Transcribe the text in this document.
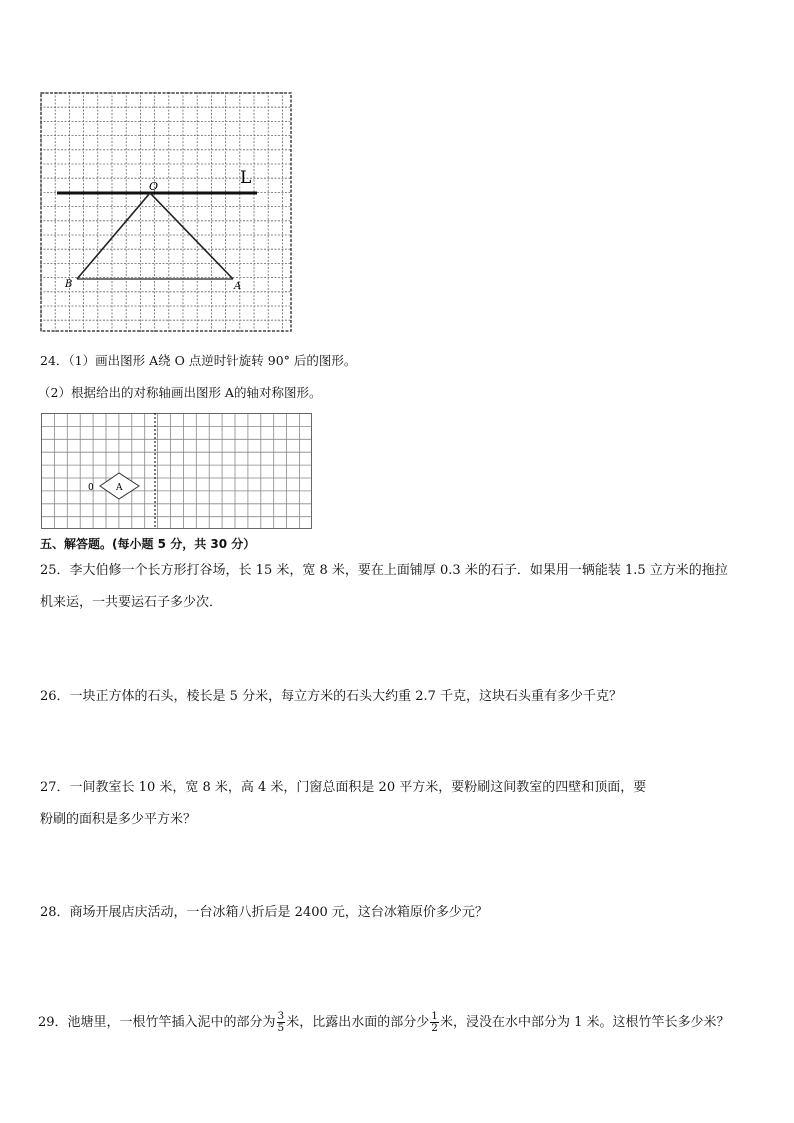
L
O
B	A
24．（1）画出图形 A绕 O 点逆时针旋转 90° 后的图形。
（2）根据给出的对称轴画出图形 A的轴对称图形。
0 A
五、解答题。(每小题 5 分，共 30 分）
25．李大伯修一个长方形打谷场，长 15 米，宽 8 米，要在上面铺厚 0.3 米的石子．如果用一辆能装 1.5 立方米的拖拉
机来运，一共要运石子多少次．
26．一块正方体的石头，棱长是 5 分米，每立方米的石头大约重 2.7 千克，这块石头重有多少千克？
27．一间教室长 10 米，宽 8 米，高 4 米，门窗总面积是 20 平方米，要粉刷这间教室的四壁和顶面，要
粉刷的面积是多少平方米？
28．商场开展店庆活动，一台冰箱八折后是 2400 元，这台冰箱原价多少元？
29．池塘里，一根竹竿插入泥中的部分为 $\frac{3}{5}$ 米，比露出水面的部分少 $\frac{1}{2}$ 米，浸没在水中部分为 1 米。这根竹竿长多少米？
